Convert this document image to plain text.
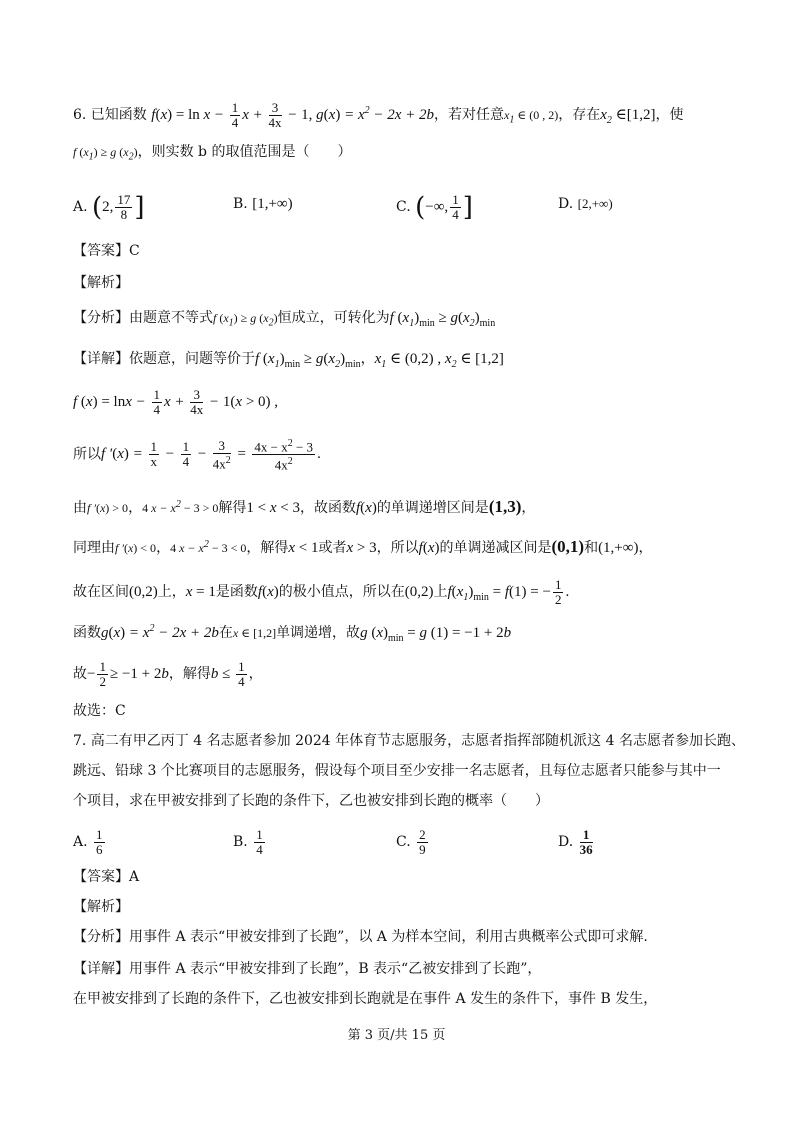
6. 已知函数 $f(x) = \ln x - \frac{1}{4}$ $x + \frac{3}{4x} - 1$, $g(x) = x^2 - 2x + 2b$，若对任意$x_1$ ∈ (0 , 2)，存在$x_2$ ∈[1,2]，使
f $(x_1) \ge g$ $(x_2)$，则实数 b 的取值范围是（　　）
A. (2, $\frac{17}{8}$ ]	B. [1,+∞)	C. (−∞, $\frac{1}{4}$ ]	D. [2,+∞)
【答案】C
【解析】
【分析】由题意不等式f $(x_1) \ge g$ $(x_2)$恒成立，可转化为f $(x_1)_{min} \ge g(x_2)_{min}$
【详解】依题意，问题等价于f $(x_1)_{min} \ge g(x_2)_{min}$，$x_1$ ∈ (0,2) , $x_2$ ∈ [1,2]
f $(x) = \ln x - \frac{1}{4}$ $x + \frac{3}{4x} - 1(x > 0)$ ,
所以f $'(x) = \frac{1}{x} - \frac{1}{4} - \frac{3}{4x^2} = \frac{4x - x^2 - 3}{4x^2}$ .
由f ′(x) > 0，4 $x - x^2 - 3 > 0$解得1 < x < 3，故函数f(x)的单调递增区间是(1,3)，
同理由f ′(x) < 0，4 $x - x^2 - 3 < 0$，解得x < 1或者x > 3，所以f(x)的单调递减区间是(0,1)和(1,+∞)，
故在区间(0,2)上，x = 1是函数f(x)的极小值点，所以在(0,2)上$f(x_1)_{min} = f(1)$ = − $\frac{1}{2}$ .
函数$g(x) = x^2 - 2x + 2b$在x ∈ [1,2]单调递增，故g $(x)_{min} = g$ (1) = −1 + 2b
故− $\frac{1}{2} \ge -1 + 2b$，解得$b \le \frac{1}{4}$ ，
故选：C
7. 高二有甲乙丙丁 4 名志愿者参加 2024 年体育节志愿服务，志愿者指挥部随机派这 4 名志愿者参加长跑、
跳远、铅球 3 个比赛项目的志愿服务，假设每个项目至少安排一名志愿者，且每位志愿者只能参与其中一
个项目，求在甲被安排到了长跑的条件下，乙也被安排到长跑的概率（　　）
A. $\frac{1}{6}$	B. $\frac{1}{4}$	C. $\frac{2}{9}$	D. $\frac{1}{36}$
【答案】A
【解析】
【分析】用事件 A 表示“甲被安排到了长跑”，以 A 为样本空间，利用古典概率公式即可求解.
【详解】用事件 A 表示“甲被安排到了长跑”，B 表示“乙被安排到了长跑”，
在甲被安排到了长跑的条件下，乙也被安排到长跑就是在事件 A 发生的条件下，事件 B 发生，
第 3 页/共 15 页
